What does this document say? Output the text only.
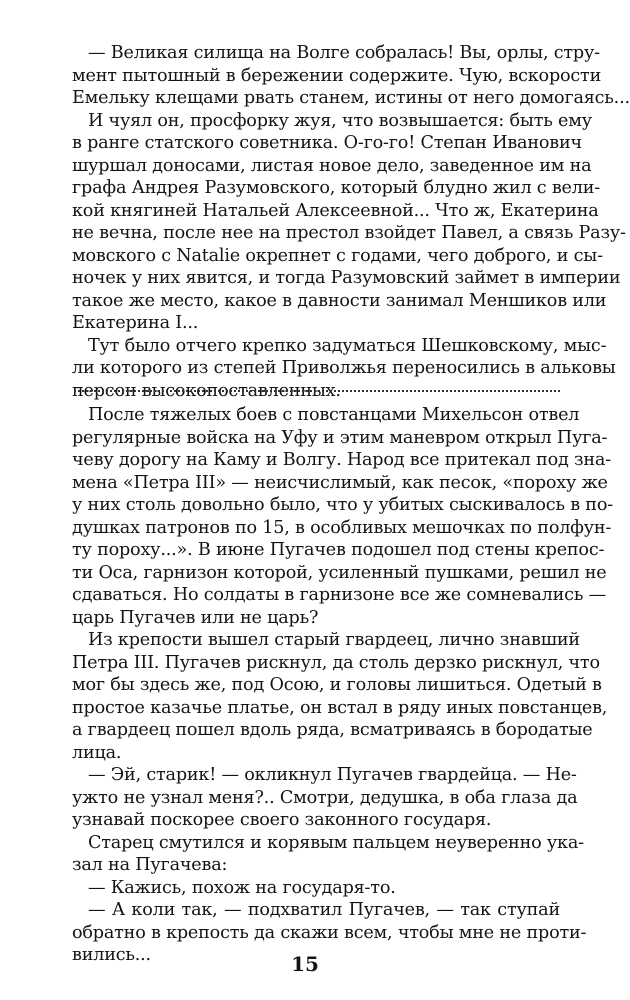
— Великая силища на Волге собралась! Вы, орлы, стру-
мент пытошный в бережении содержите. Чую, вскорости
Емельку клещами рвать станем, истины от него домогаясь...
И чуял он, просфорку жуя, что возвышается: быть ему
в ранге статского советника. О-го-го! Степан Иванович
шуршал доносами, листая новое дело, заведенное им на
графа Андрея Разумовского, который блудно жил с вели-
кой княгиней Натальей Алексеевной... Что ж, Екатерина
не вечна, после нее на престол взойдет Павел, а связь Разу-
мовского с Natalie окрепнет с годами, чего доброго, и сы-
ночек у них явится, и тогда Разумовский займет в империи
такое же место, какое в давности занимал Меншиков или
Екатерина I...
Тут было отчего крепко задуматься Шешковскому, мыс-
ли которого из степей Приволжья переносились в альковы
персон высокопоставленных.
После тяжелых боев с повстанцами Михельсон отвел
регулярные войска на Уфу и этим маневром открыл Пуга-
чеву дорогу на Каму и Волгу. Народ все притекал под зна-
мена «Петра III» — неисчислимый, как песок, «пороху же
у них столь довольно было, что у убитых сыскивалось в по-
душках патронов по 15, в особливых мешочках по полфун-
ту пороху...». В июне Пугачев подошел под стены крепос-
ти Оса, гарнизон которой, усиленный пушками, решил не
сдаваться. Но солдаты в гарнизоне все же сомневались —
царь Пугачев или не царь?
Из крепости вышел старый гвардеец, лично знавший
Петра III. Пугачев рискнул, да столь дерзко рискнул, что
мог бы здесь же, под Осою, и головы лишиться. Одетый в
простое казачье платье, он встал в ряду иных повстанцев,
а гвардеец пошел вдоль ряда, всматриваясь в бородатые
лица.
— Эй, старик! — окликнул Пугачев гвардейца. — Не-
ужто не узнал меня?.. Смотри, дедушка, в оба глаза да
узнавай поскорее своего законного государя.
Старец смутился и корявым пальцем неуверенно ука-
зал на Пугачева:
— Кажись, похож на государя-то.
— А коли так, — подхватил Пугачев, — так ступай
обратно в крепость да скажи всем, чтобы мне не проти-
вились...	15
